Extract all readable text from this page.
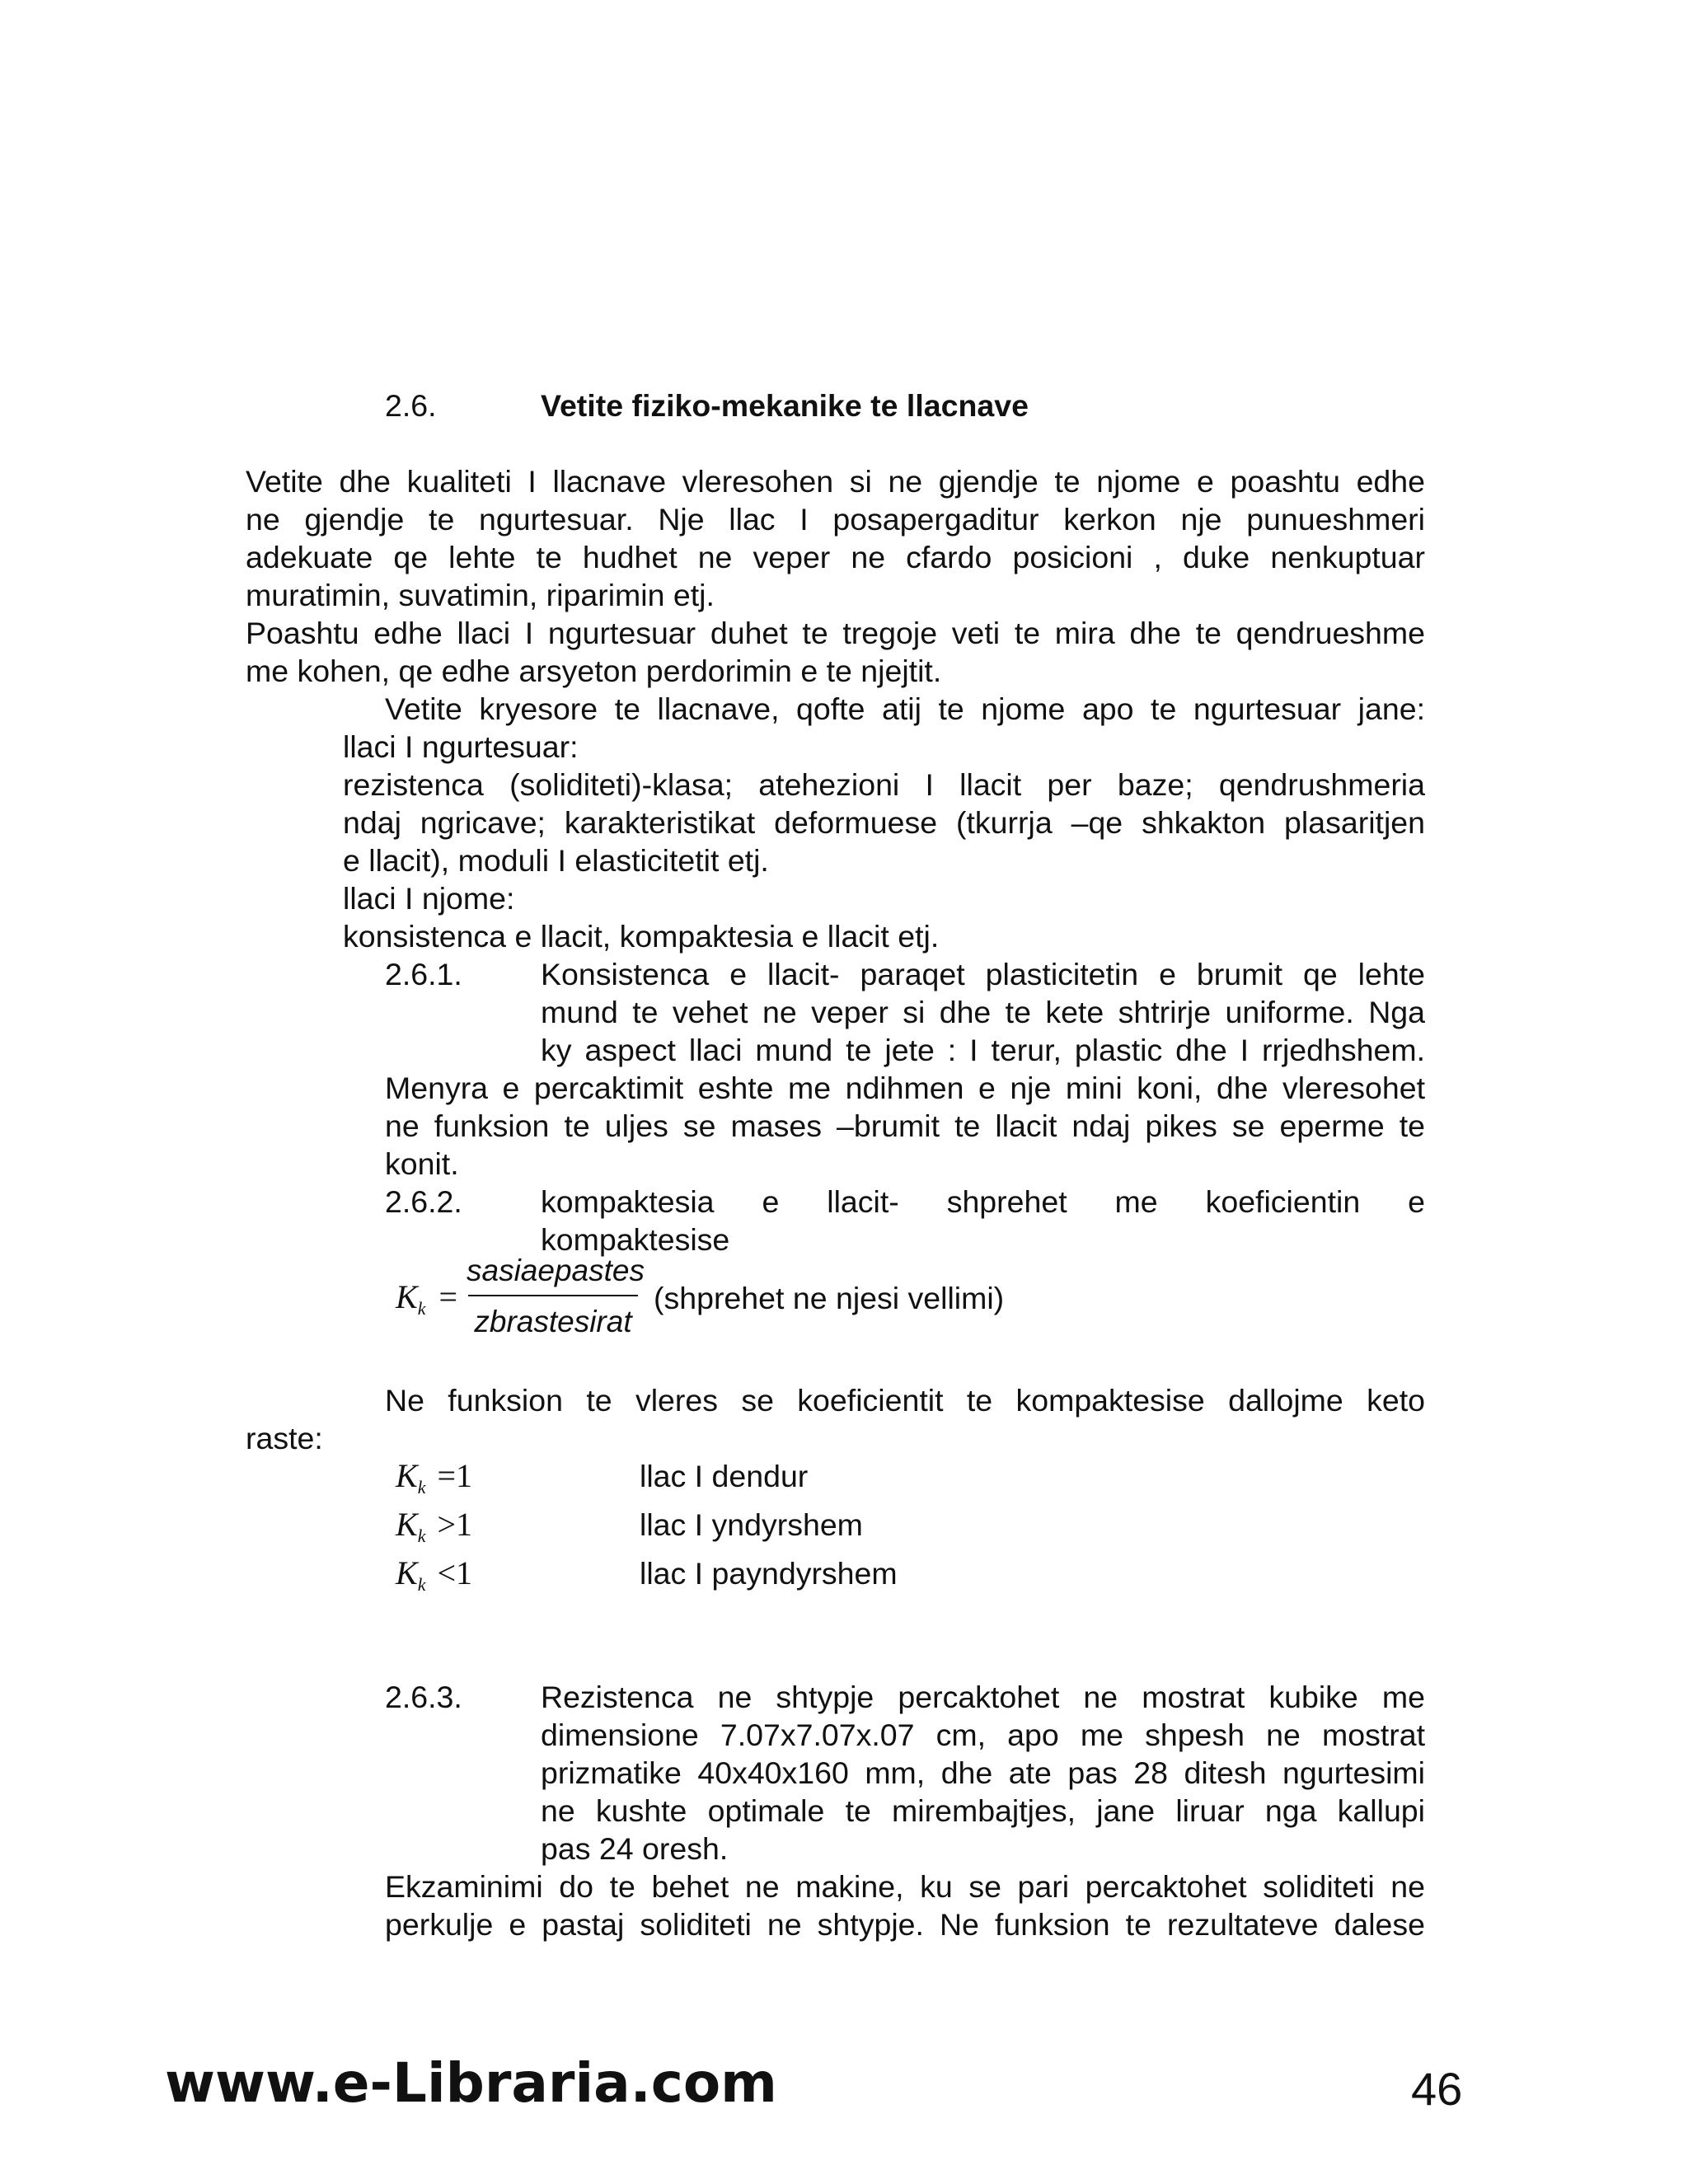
2.6.	Vetite fiziko-mekanike te llacnave
Vetite dhe kualiteti I llacnave vleresohen si ne gjendje te njome e poashtu edhe
ne gjendje te ngurtesuar. Nje llac I posapergaditur kerkon nje punueshmeri
adekuate qe lehte te hudhet ne veper ne cfardo posicioni , duke nenkuptuar
muratimin, suvatimin, riparimin etj.
Poashtu edhe llaci I ngurtesuar duhet te tregoje veti te mira dhe te qendrueshme
me kohen, qe edhe arsyeton perdorimin e te njejtit.
Vetite kryesore te llacnave, qofte atij te njome apo te ngurtesuar jane:
llaci I ngurtesuar:
rezistenca (soliditeti)-klasa; atehezioni I llacit per baze; qendrushmeria
ndaj ngricave; karakteristikat deformuese (tkurrja –qe shkakton plasaritjen
e llacit), moduli I elasticitetit etj.
llaci I njome:
konsistenca e llacit, kompaktesia e llacit etj.
2.6.1.	Konsistenca e llacit- paraqet plasticitetin e brumit qe lehte
mund te vehet ne veper si dhe te kete shtrirje uniforme. Nga
ky aspect llaci mund te jete : I terur, plastic dhe I rrjedhshem.
Menyra e percaktimit eshte me ndihmen e nje mini koni, dhe vleresohet
ne funksion te uljes se mases –brumit te llacit ndaj pikes se eperme te
konit.
2.6.2.	kompaktesia e llacit- shprehet me koeficientin e
kompaktesise
$K_k$ =
sasiaepastes
zbrastesirat
(shprehet ne njesi vellimi)
Ne funksion te vleres se koeficientit te kompaktesise dallojme keto
raste:
$K_k =1$	llac I dendur
$K_k >1$	llac I yndyrshem
$K_k <1$	llac I payndyrshem
2.6.3.	Rezistenca ne shtypje percaktohet ne mostrat kubike me
dimensione 7.07x7.07x.07 cm, apo me shpesh ne mostrat
prizmatike 40x40x160 mm, dhe ate pas 28 ditesh ngurtesimi
ne kushte optimale te mirembajtjes, jane liruar nga kallupi
pas 24 oresh.
Ekzaminimi do te behet ne makine, ku se pari percaktohet soliditeti ne
perkulje e pastaj soliditeti ne shtypje. Ne funksion te rezultateve dalese
www.e-Libraria.com	46
